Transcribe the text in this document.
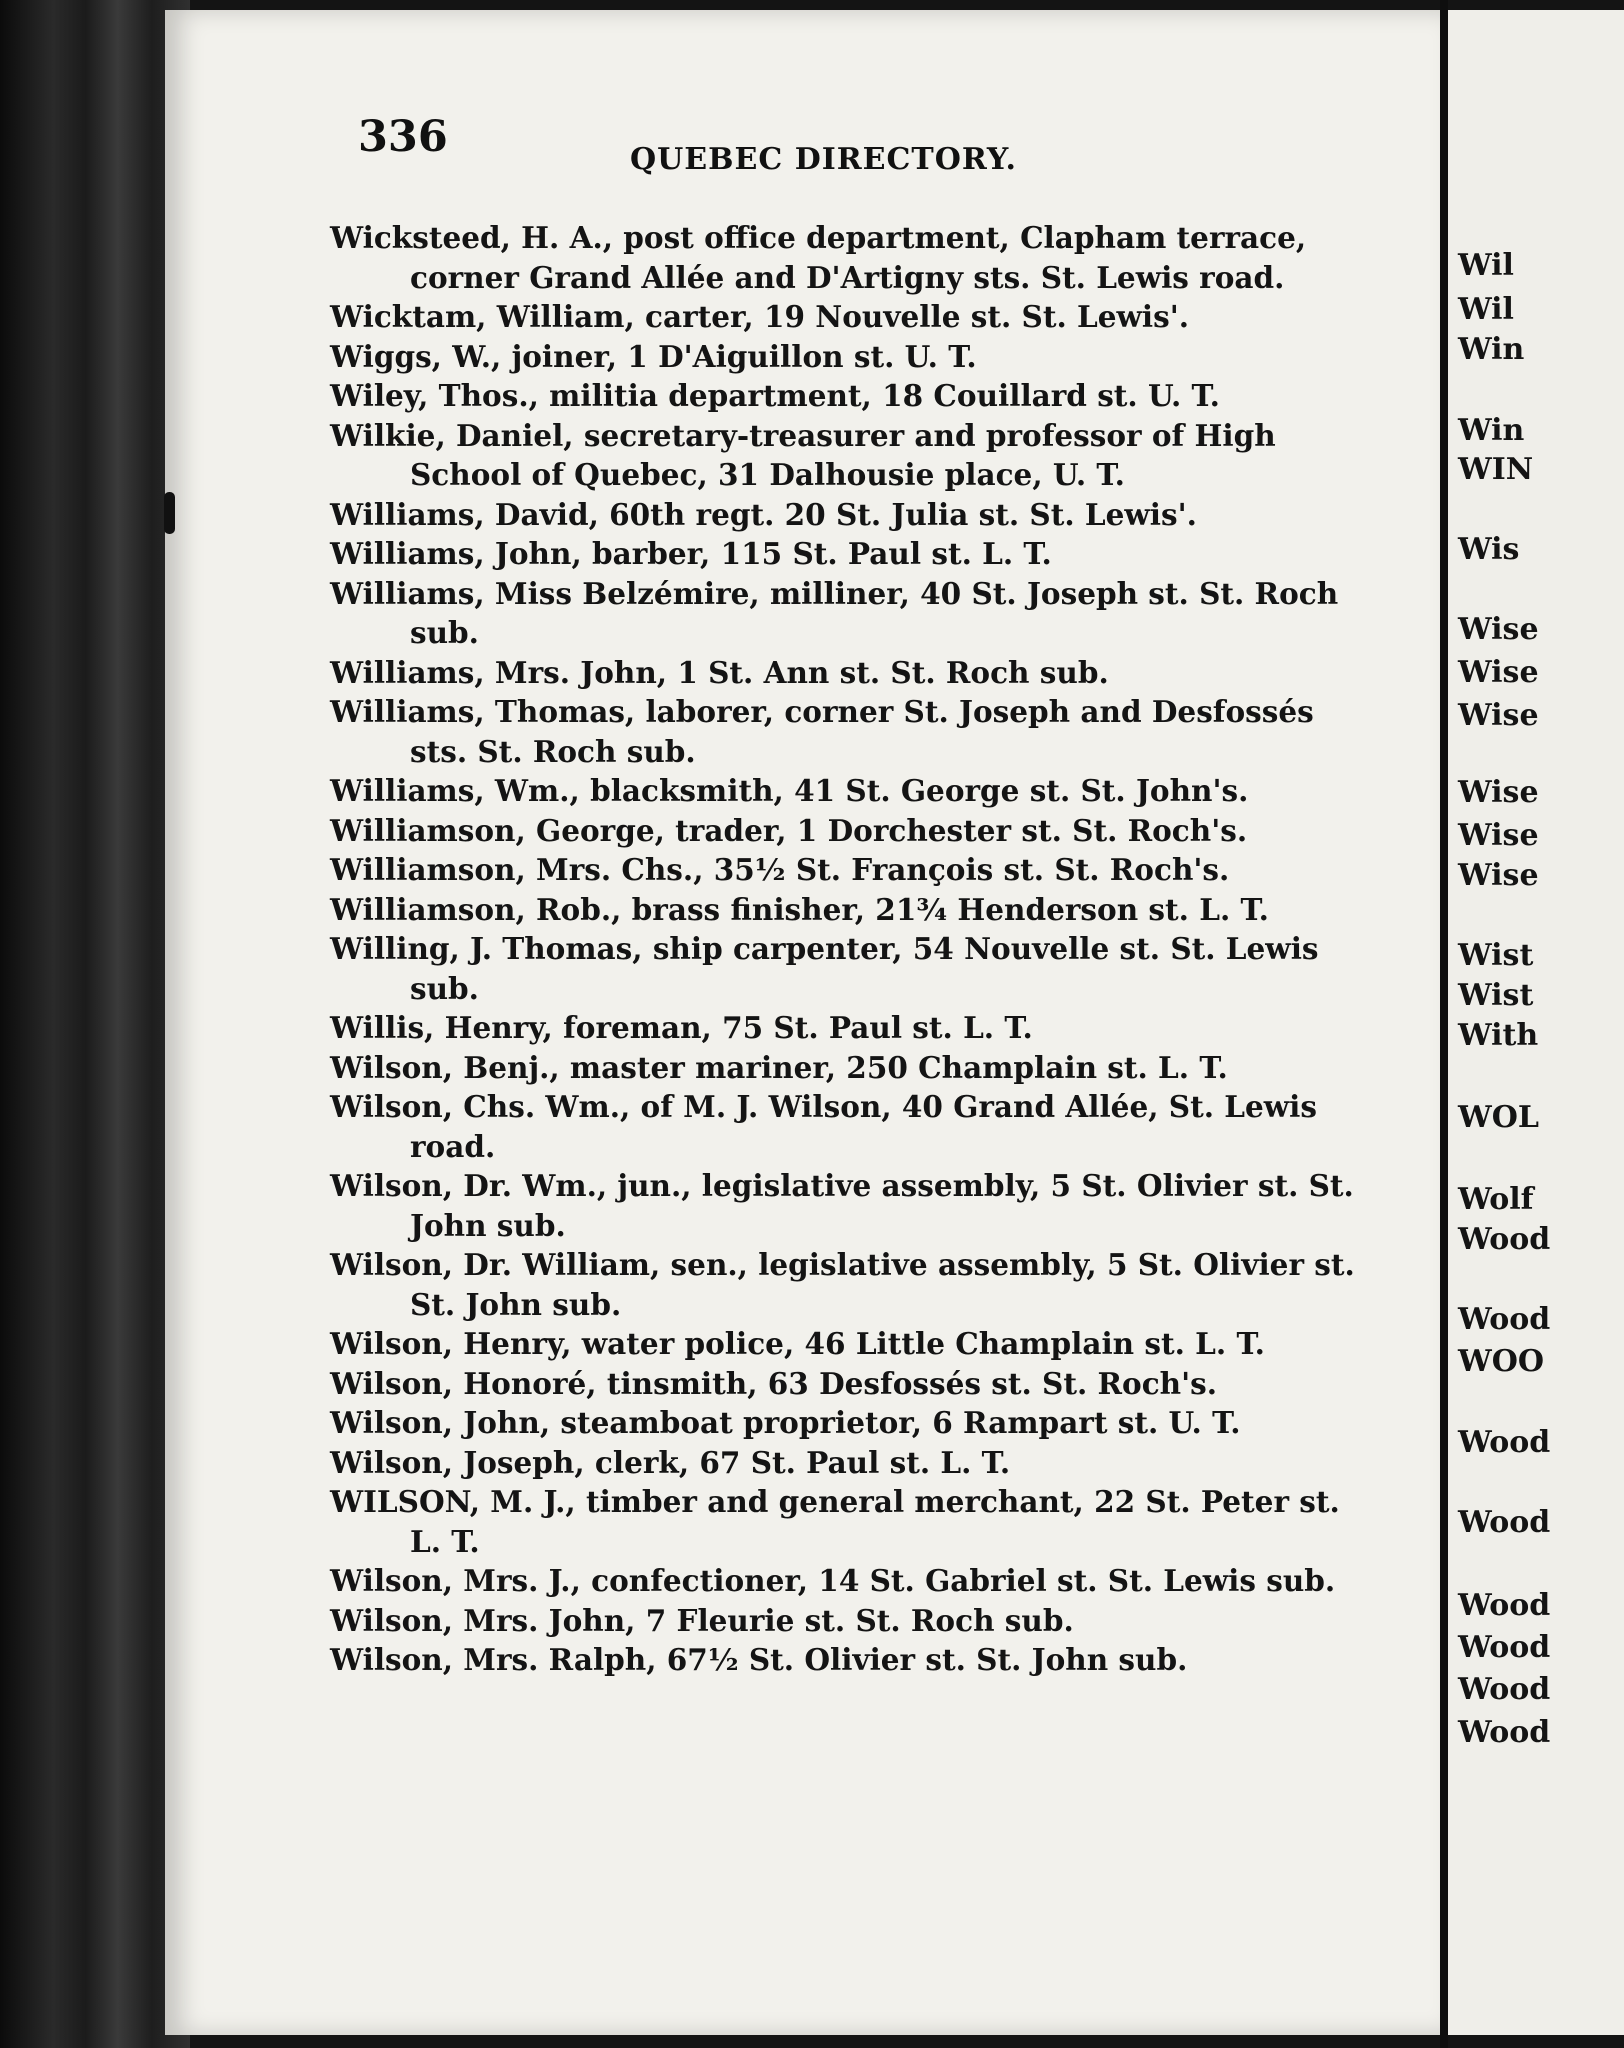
336	QUEBEC DIRECTORY.
Wicksteed, H. A., post office department, Clapham terrace, corner Grand Allée and D'Artigny sts. St. Lewis road.
Wicktam, William, carter, 19 Nouvelle st. St. Lewis'.
Wiggs, W., joiner, 1 D'Aiguillon st. U. T.
Wiley, Thos., militia department, 18 Couillard st. U. T.
Wilkie, Daniel, secretary-treasurer and professor of High School of Quebec, 31 Dalhousie place, U. T.
Williams, David, 60th regt. 20 St. Julia st. St. Lewis'.
Williams, John, barber, 115 St. Paul st. L. T.
Williams, Miss Belzémire, milliner, 40 St. Joseph st. St. Roch sub.
Williams, Mrs. John, 1 St. Ann st. St. Roch sub.
Williams, Thomas, laborer, corner St. Joseph and Desfossés sts. St. Roch sub.
Williams, Wm., blacksmith, 41 St. George st. St. John's.
Williamson, George, trader, 1 Dorchester st. St. Roch's.
Williamson, Mrs. Chs., 35½ St. François st. St. Roch's.
Williamson, Rob., brass finisher, 21¾ Henderson st. L. T.
Willing, J. Thomas, ship carpenter, 54 Nouvelle st. St. Lewis sub.
Willis, Henry, foreman, 75 St. Paul st. L. T.
Wilson, Benj., master mariner, 250 Champlain st. L. T.
Wilson, Chs. Wm., of M. J. Wilson, 40 Grand Allée, St. Lewis road.
Wilson, Dr. Wm., jun., legislative assembly, 5 St. Olivier st. St. John sub.
Wilson, Dr. William, sen., legislative assembly, 5 St. Olivier st. St. John sub.
Wilson, Henry, water police, 46 Little Champlain st. L. T.
Wilson, Honoré, tinsmith, 63 Desfossés st. St. Roch's.
Wilson, John, steamboat proprietor, 6 Rampart st. U. T.
Wilson, Joseph, clerk, 67 St. Paul st. L. T.
WILSON, M. J., timber and general merchant, 22 St. Peter st. L. T.
Wilson, Mrs. J., confectioner, 14 St. Gabriel st. St. Lewis sub.
Wilson, Mrs. John, 7 Fleurie st. St. Roch sub.
Wilson, Mrs. Ralph, 67½ St. Olivier st. St. John sub.
Wil
Wil
Win
Win
WIN
Wis
Wise
Wise
Wise
Wise
Wise
Wise
Wist
Wist
With
WOL
Wolf
Wood
Wood
WOO
Wood
Wood
Wood
Wood
Wood
Wood
